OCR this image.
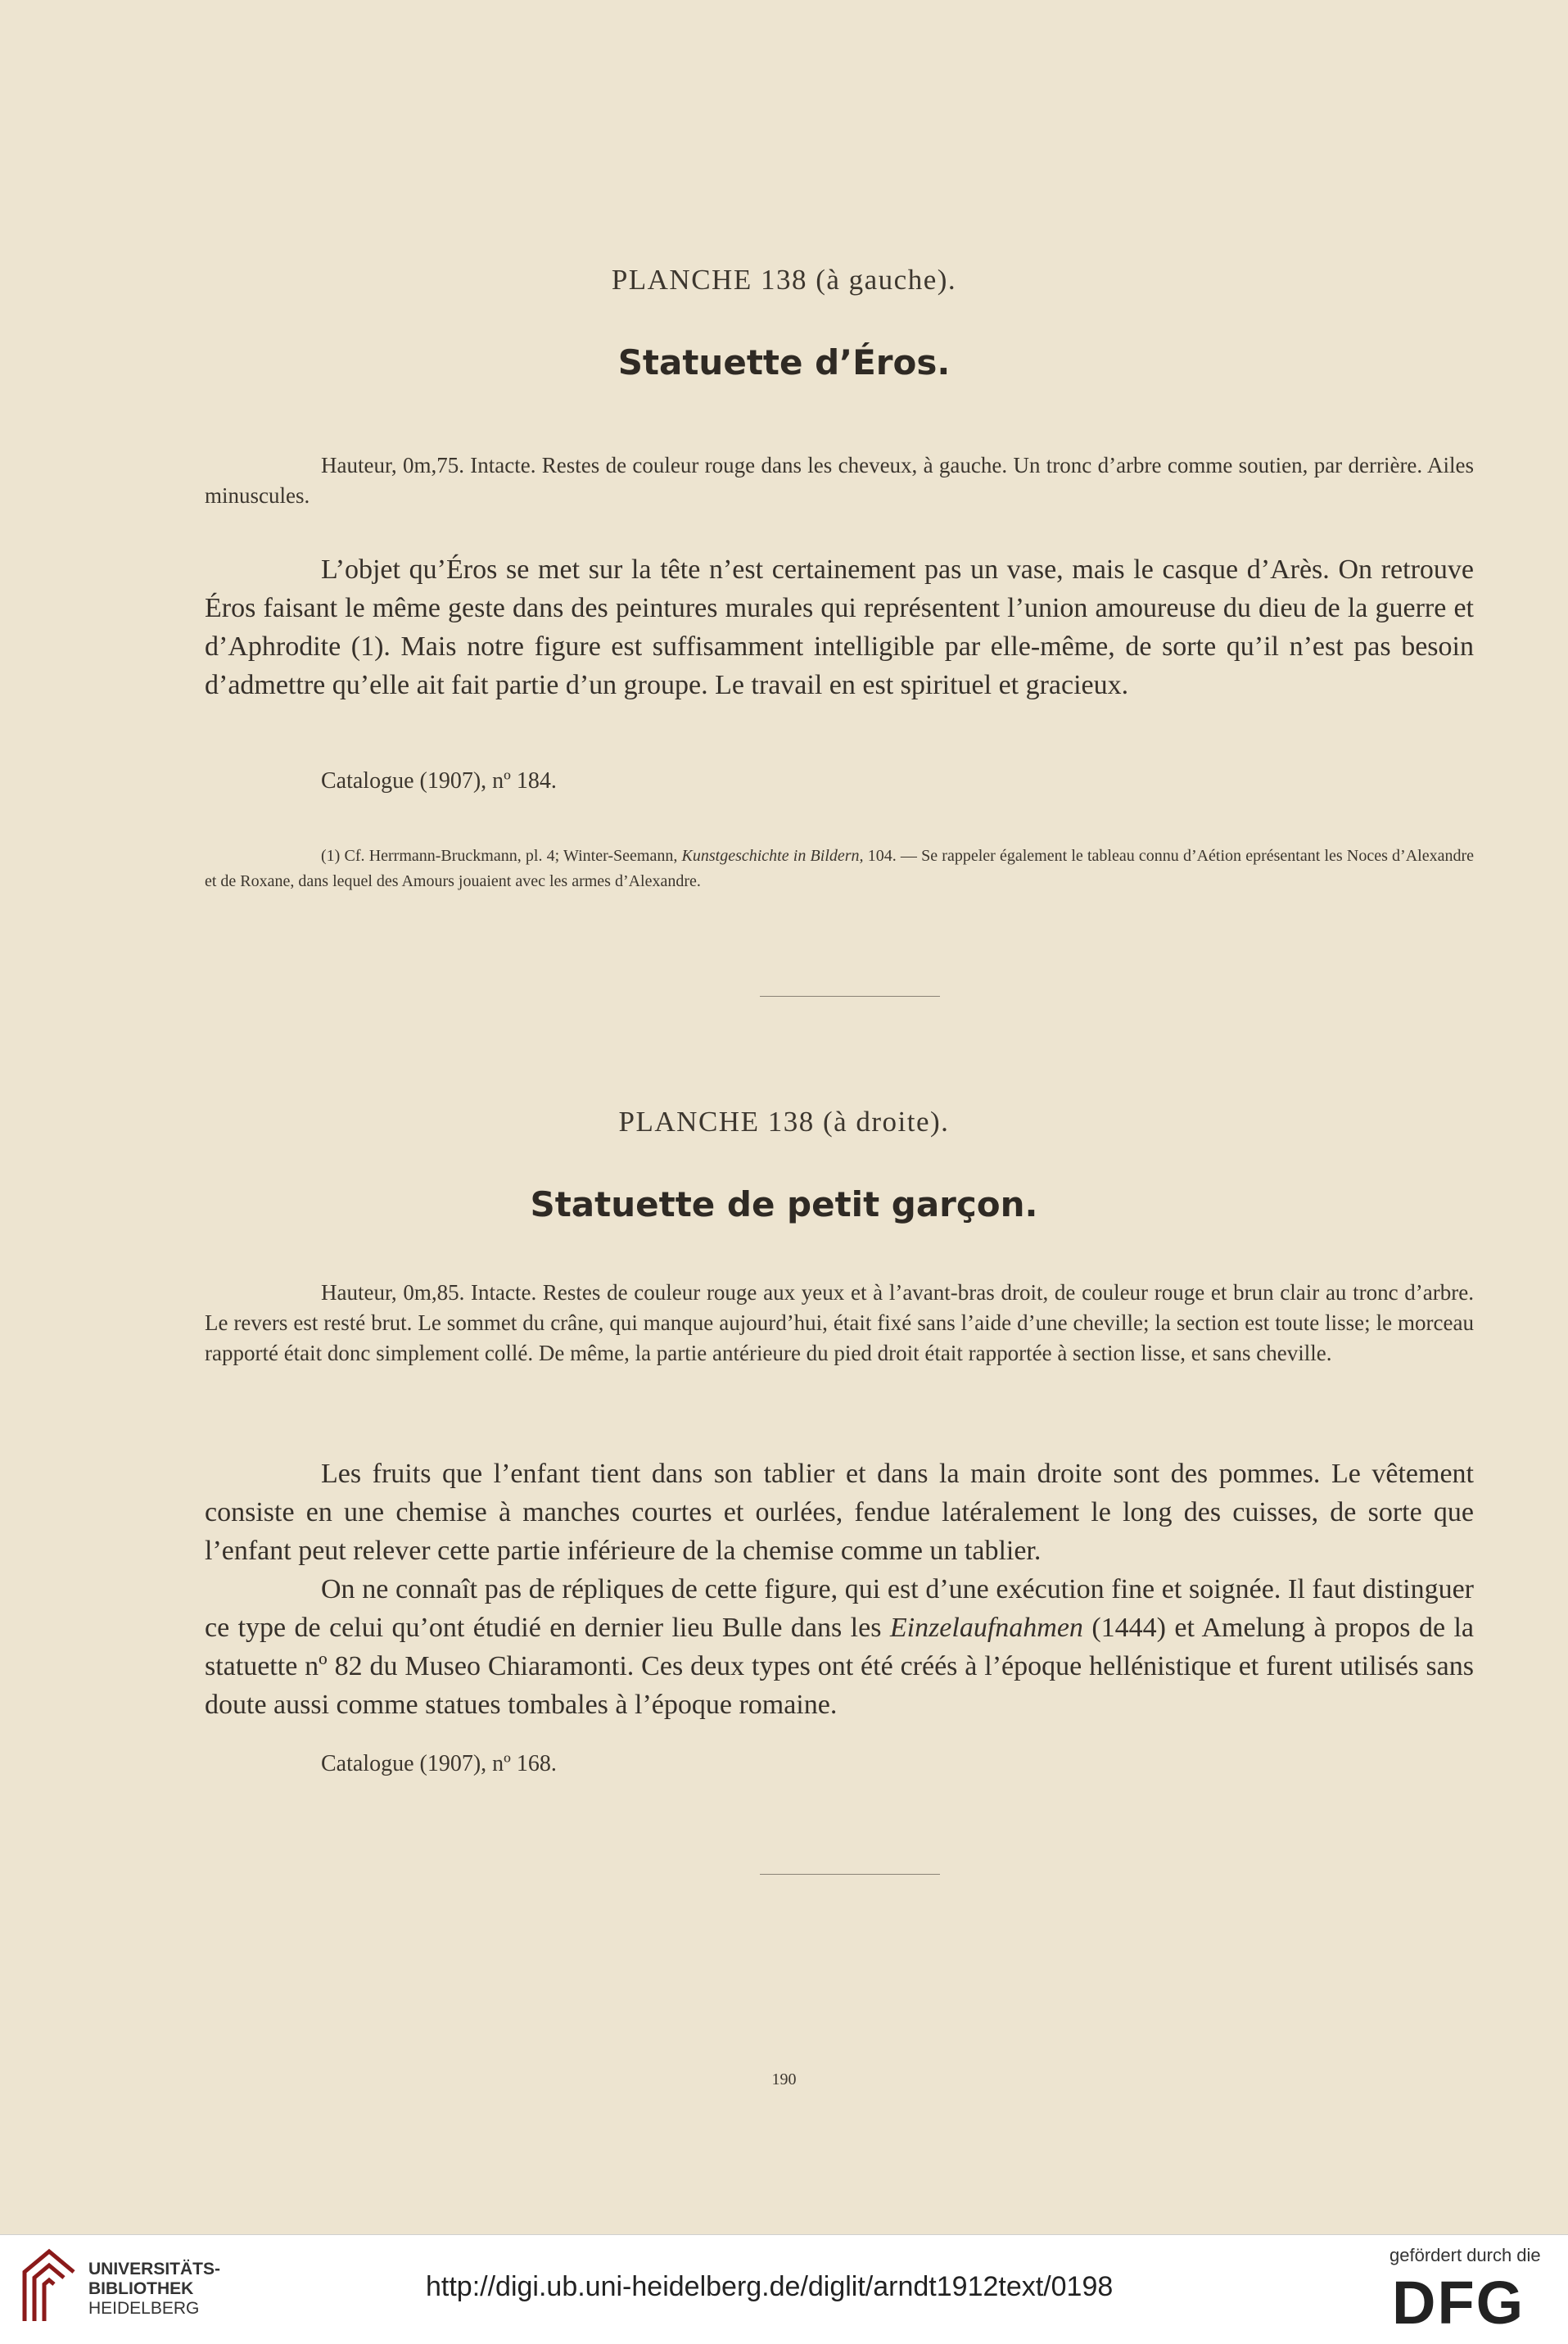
PLANCHE 138 (à gauche).
Statuette d’Éros.
Hauteur, 0m,75. Intacte. Restes de couleur rouge dans les cheveux, à gauche. Un tronc d’arbre comme soutien, par derrière. Ailes minuscules.
L’objet qu’Éros se met sur la tête n’est certainement pas un vase, mais le casque d’Arès. On retrouve Éros faisant le même geste dans des peintures murales qui représentent l’union amoureuse du dieu de la guerre et d’Aphrodite (1). Mais notre figure est suffisamment intelligible par elle-même, de sorte qu’il n’est pas besoin d’admettre qu’elle ait fait partie d’un groupe. Le travail en est spirituel et gracieux.
Catalogue (1907), nº 184.
(1) Cf. Herrmann-Bruckmann, pl. 4; Winter-Seemann, Kunstgeschichte in Bildern, 104. — Se rappeler également le tableau connu d’Aétion eprésentant les Noces d’Alexandre et de Roxane, dans lequel des Amours jouaient avec les armes d’Alexandre.
PLANCHE 138 (à droite).
Statuette de petit garçon.
Hauteur, 0m,85. Intacte. Restes de couleur rouge aux yeux et à l’avant-bras droit, de couleur rouge et brun clair au tronc d’arbre. Le revers est resté brut. Le sommet du crâne, qui manque aujourd’hui, était fixé sans l’aide d’une cheville; la section est toute lisse; le morceau rapporté était donc simplement collé. De même, la partie antérieure du pied droit était rapportée à section lisse, et sans cheville.
Les fruits que l’enfant tient dans son tablier et dans la main droite sont des pommes. Le vêtement consiste en une chemise à manches courtes et ourlées, fendue latéralement le long des cuisses, de sorte que l’enfant peut relever cette partie inférieure de la chemise comme un tablier.
On ne connaît pas de répliques de cette figure, qui est d’une exécution fine et soignée. Il faut distinguer ce type de celui qu’ont étudié en dernier lieu Bulle dans les Einzelaufnahmen (1444) et Amelung à propos de la statuette nº 82 du Museo Chiaramonti. Ces deux types ont été créés à l’époque hellénistique et furent utilisés sans doute aussi comme statues tombales à l’époque romaine.
Catalogue (1907), nº 168.
190
UNIVERSITÄTS-
BIBLIOTHEK
HEIDELBERG
http://digi.ub.uni-heidelberg.de/diglit/arndt1912text/0198
gefördert durch die
DFG
